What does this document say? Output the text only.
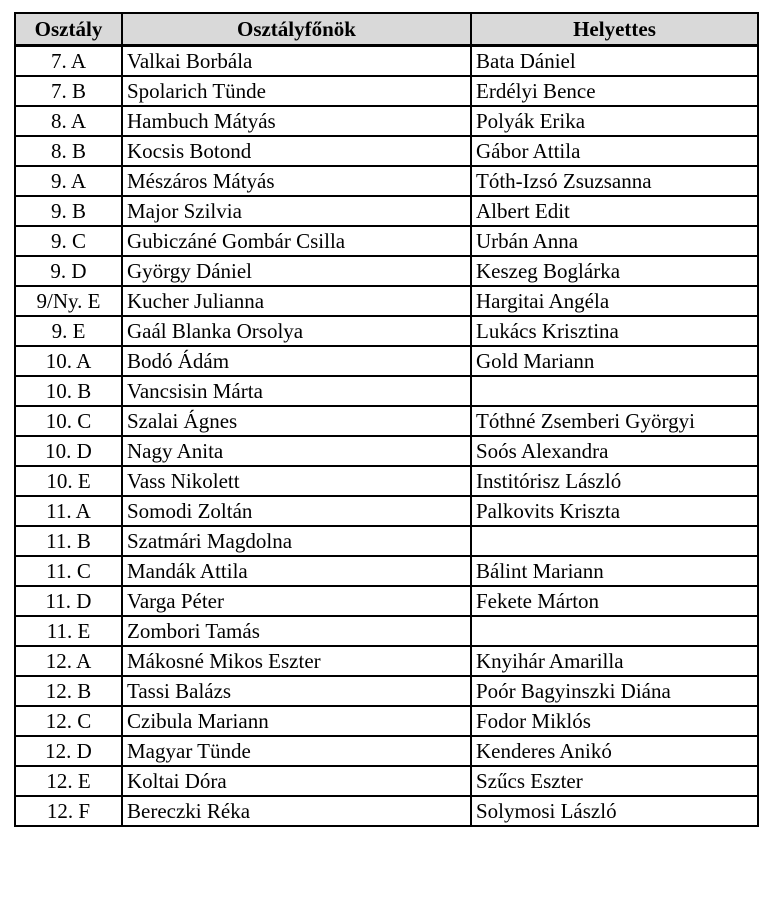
Osztály	Osztályfőnök	Helyettes
7. A	Valkai Borbála	Bata Dániel
7. B	Spolarich Tünde	Erdélyi Bence
8. A	Hambuch Mátyás	Polyák Erika
8. B	Kocsis Botond	Gábor Attila
9. A	Mészáros Mátyás	Tóth-Izsó Zsuzsanna
9. B	Major Szilvia	Albert Edit
9. C	Gubiczáné Gombár Csilla	Urbán Anna
9. D	György Dániel	Keszeg Boglárka
9/Ny. E	Kucher Julianna	Hargitai Angéla
9. E	Gaál Blanka Orsolya	Lukács Krisztina
10. A	Bodó Ádám	Gold Mariann
10. B	Vancsisin Márta	
10. C	Szalai Ágnes	Tóthné Zsemberi Györgyi
10. D	Nagy Anita	Soós Alexandra
10. E	Vass Nikolett	Institórisz László
11. A	Somodi Zoltán	Palkovits Kriszta
11. B	Szatmári Magdolna	
11. C	Mandák Attila	Bálint Mariann
11. D	Varga Péter	Fekete Márton
11. E	Zombori Tamás	
12. A	Mákosné Mikos Eszter	Knyihár Amarilla
12. B	Tassi Balázs	Poór Bagyinszki Diána
12. C	Czibula Mariann	Fodor Miklós
12. D	Magyar Tünde	Kenderes Anikó
12. E	Koltai Dóra	Szűcs Eszter
12. F	Bereczki Réka	Solymosi László
